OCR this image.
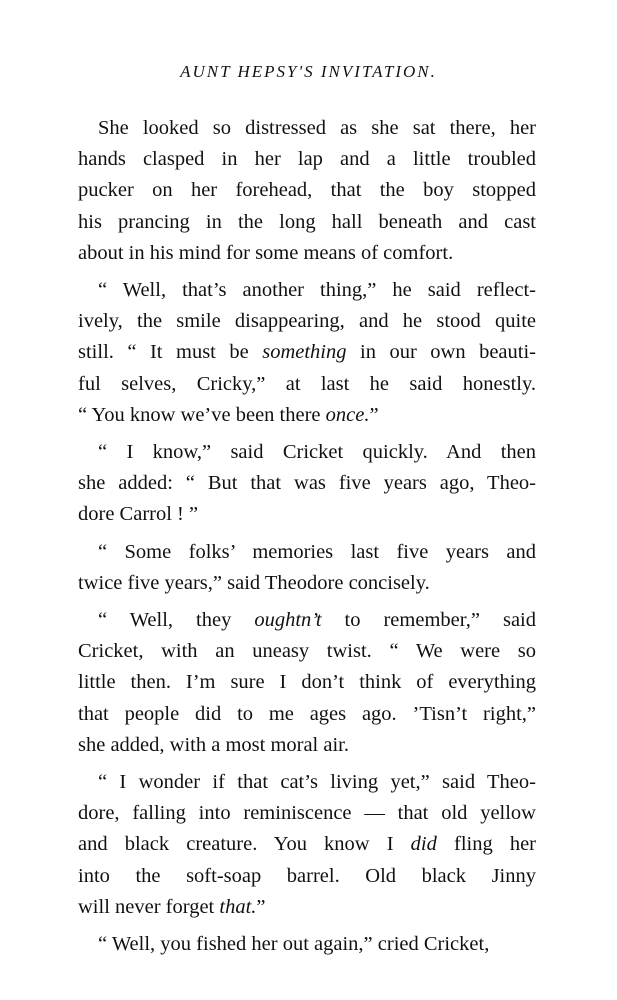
AUNT HEPSY'S INVITATION.
She looked so distressed as she sat there, her
hands clasped in her lap and a little troubled
pucker on her forehead, that the boy stopped
his prancing in the long hall beneath and cast
about in his mind for some means of comfort.
“ Well, that’s another thing,” he said reflect-
ively, the smile disappearing, and he stood quite
still. “ It must be something in our own beauti-
ful selves, Cricky,” at last he said honestly.
“ You know we’ve been there once.”
“ I know,” said Cricket quickly. And then
she added: “ But that was five years ago, Theo-
dore Carrol ! ”
“ Some folks’ memories last five years and
twice five years,” said Theodore concisely.
“ Well, they oughtn’t to remember,” said
Cricket, with an uneasy twist. “ We were so
little then. I’m sure I don’t think of everything
that people did to me ages ago. ’Tisn’t right,”
she added, with a most moral air.
“ I wonder if that cat’s living yet,” said Theo-
dore, falling into reminiscence — that old yellow
and black creature. You know I did fling her
into the soft-soap barrel. Old black Jinny
will never forget that.”
“ Well, you fished her out again,” cried Cricket,
